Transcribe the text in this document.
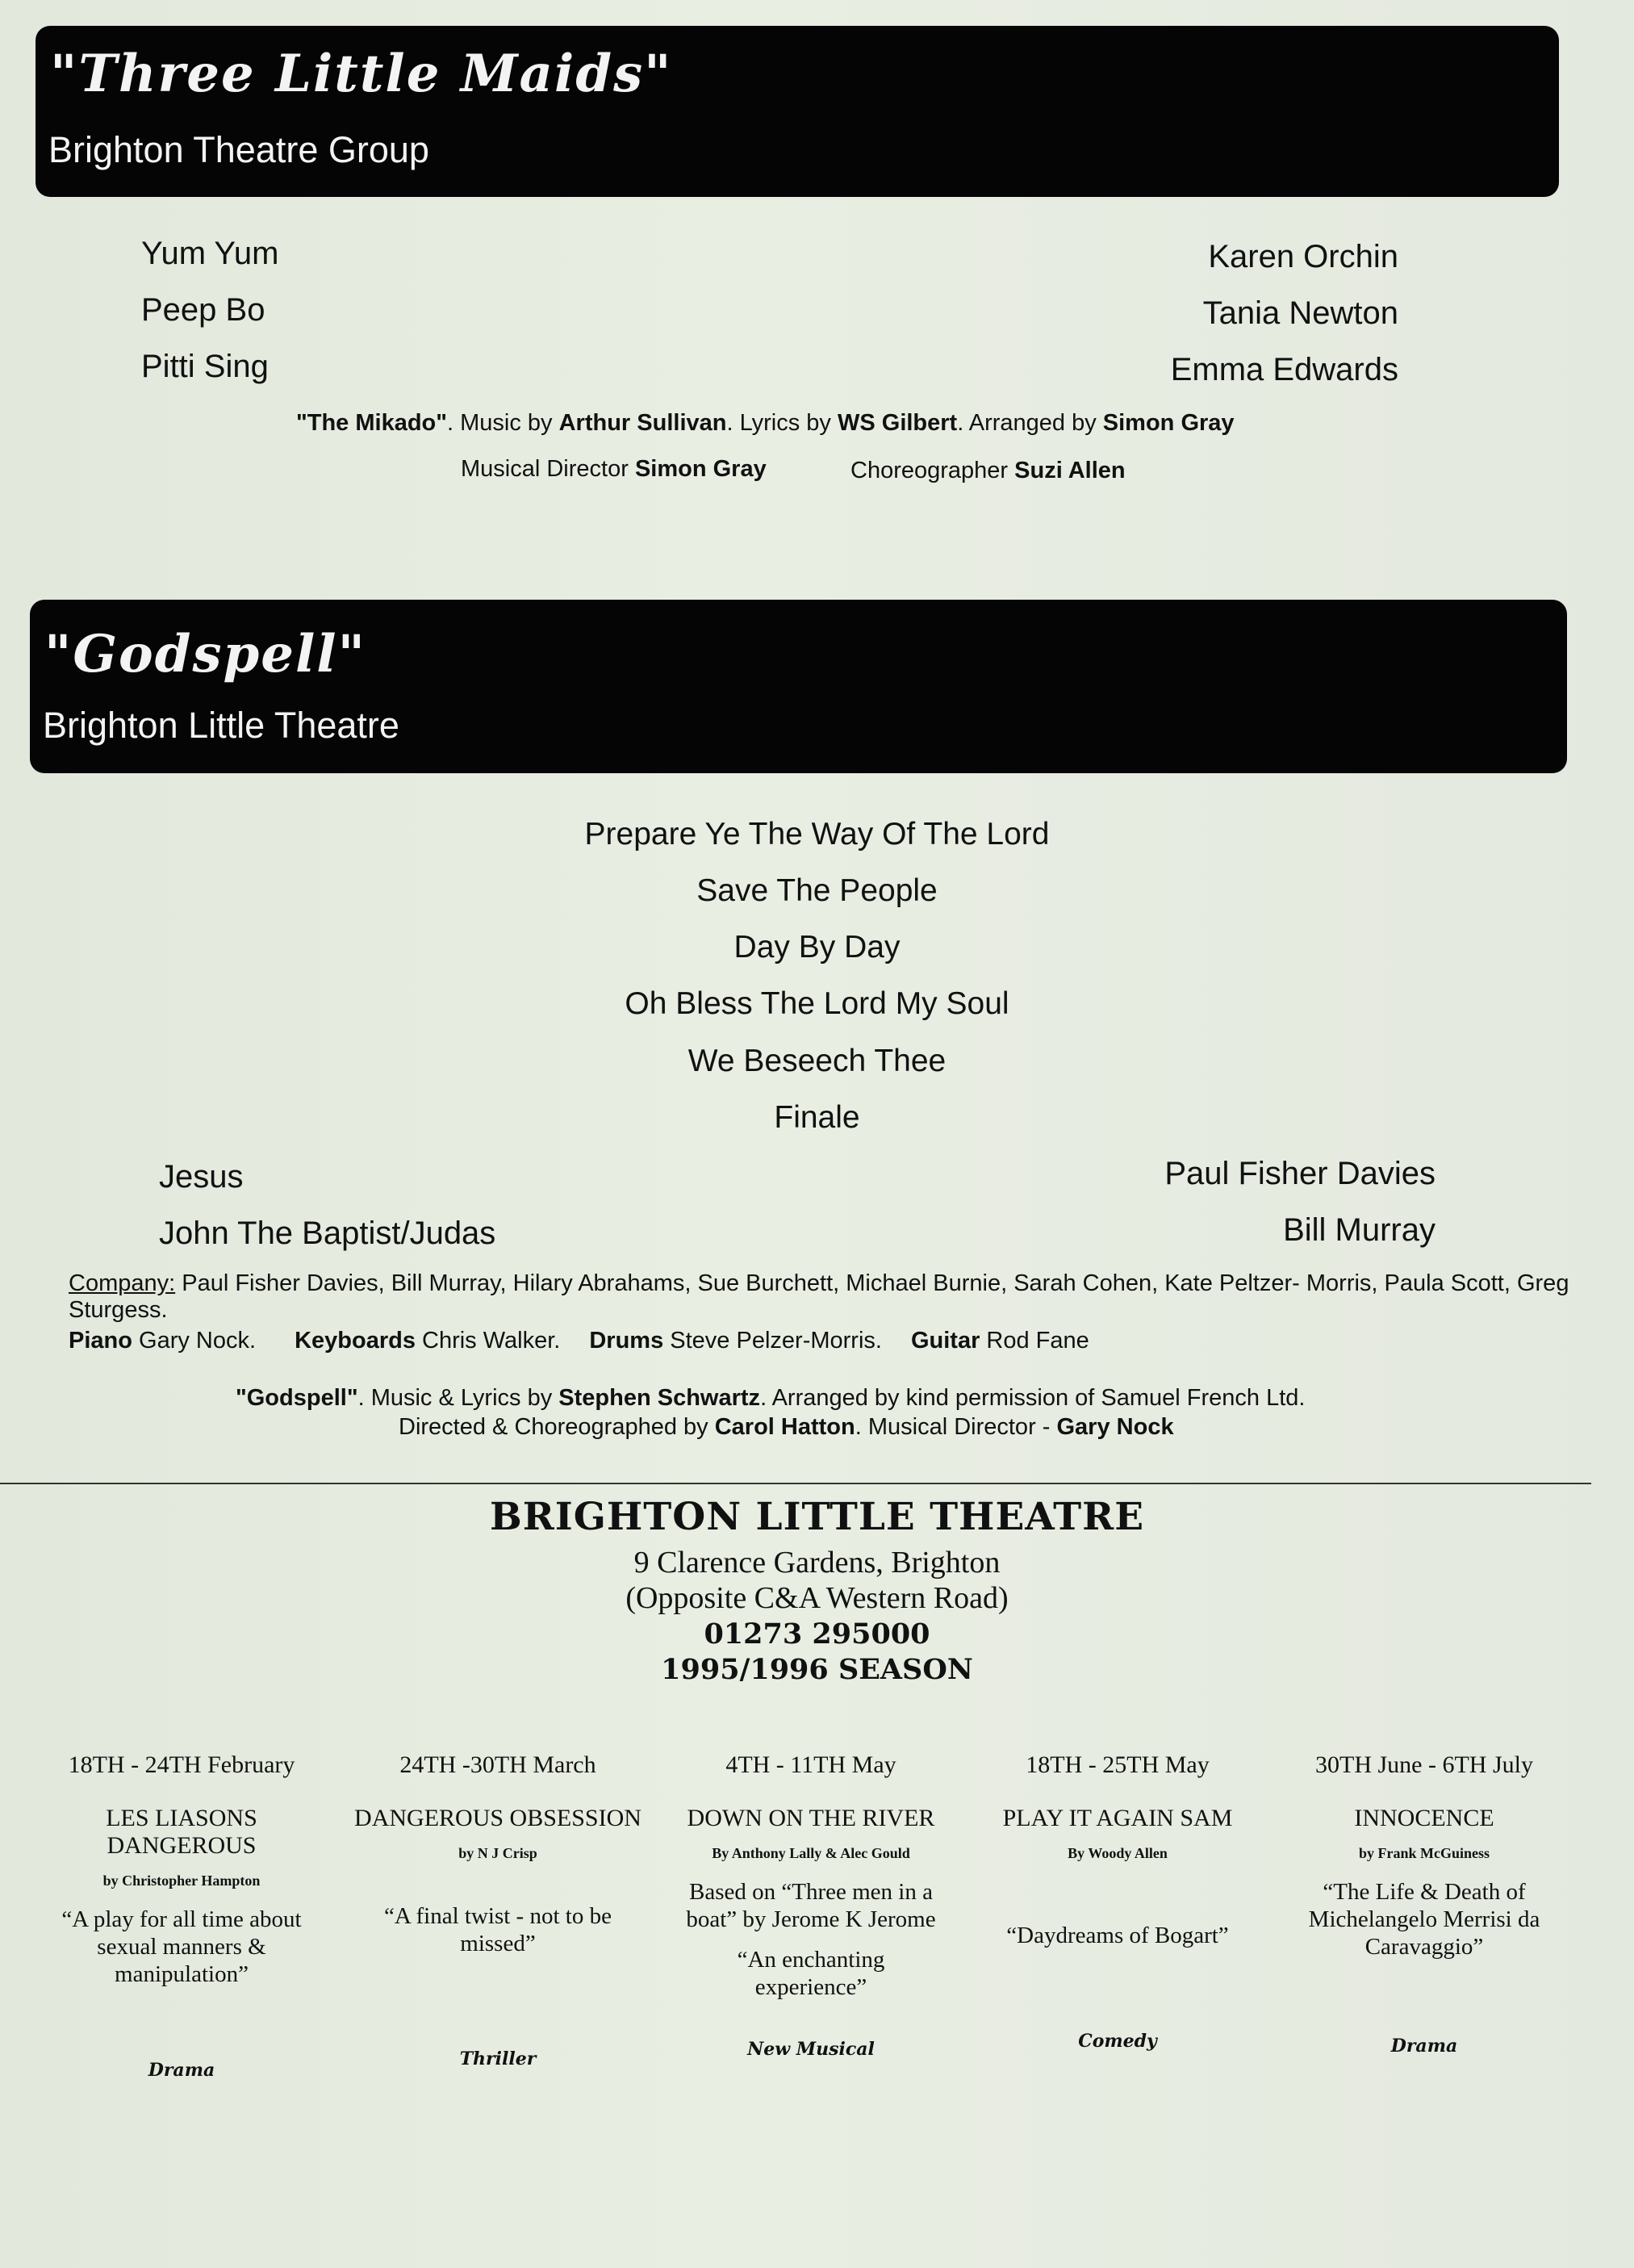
"Three Little Maids"
Brighton Theatre Group
Yum Yum
Peep Bo
Pitti Sing
Karen Orchin
Tania Newton
Emma Edwards
"The Mikado". Music by Arthur Sullivan. Lyrics by WS Gilbert. Arranged by Simon Gray
Musical Director Simon Gray	Choreographer Suzi Allen
"Godspell"
Brighton Little Theatre
Prepare Ye The Way Of The Lord
Save The People
Day By Day
Oh Bless The Lord My Soul
We Beseech Thee
Finale
Jesus
John The Baptist/Judas
Paul Fisher Davies
Bill Murray
Company: Paul Fisher Davies, Bill Murray, Hilary Abrahams, Sue Burchett, Michael Burnie, Sarah Cohen, Kate Peltzer- Morris, Paula Scott, Greg Sturgess.
Piano Gary Nock. Keyboards Chris Walker. Drums Steve Pelzer-Morris. Guitar Rod Fane
"Godspell". Music & Lyrics by Stephen Schwartz. Arranged by kind permission of Samuel French Ltd.
Directed & Choreographed by Carol Hatton. Musical Director - Gary Nock
BRIGHTON LITTLE THEATRE
9 Clarence Gardens, Brighton
(Opposite C&A Western Road)
01273 295000
1995/1996 SEASON
18TH - 24TH February
LES LIASONS DANGEROUS
by Christopher Hampton
“A play for all time about sexual manners & manipulation”
Drama
24TH -30TH March
DANGEROUS OBSESSION
by N J Crisp
“A final twist - not to be missed”
Thriller
4TH - 11TH May
DOWN ON THE RIVER
By Anthony Lally & Alec Gould
Based on “Three men in a boat” by Jerome K Jerome
“An enchanting experience”
New Musical
18TH - 25TH May
PLAY IT AGAIN SAM
By Woody Allen
“Daydreams of Bogart”
Comedy
30TH June - 6TH July
INNOCENCE
by Frank McGuiness
“The Life & Death of Michelangelo Merrisi da Caravaggio”
Drama
